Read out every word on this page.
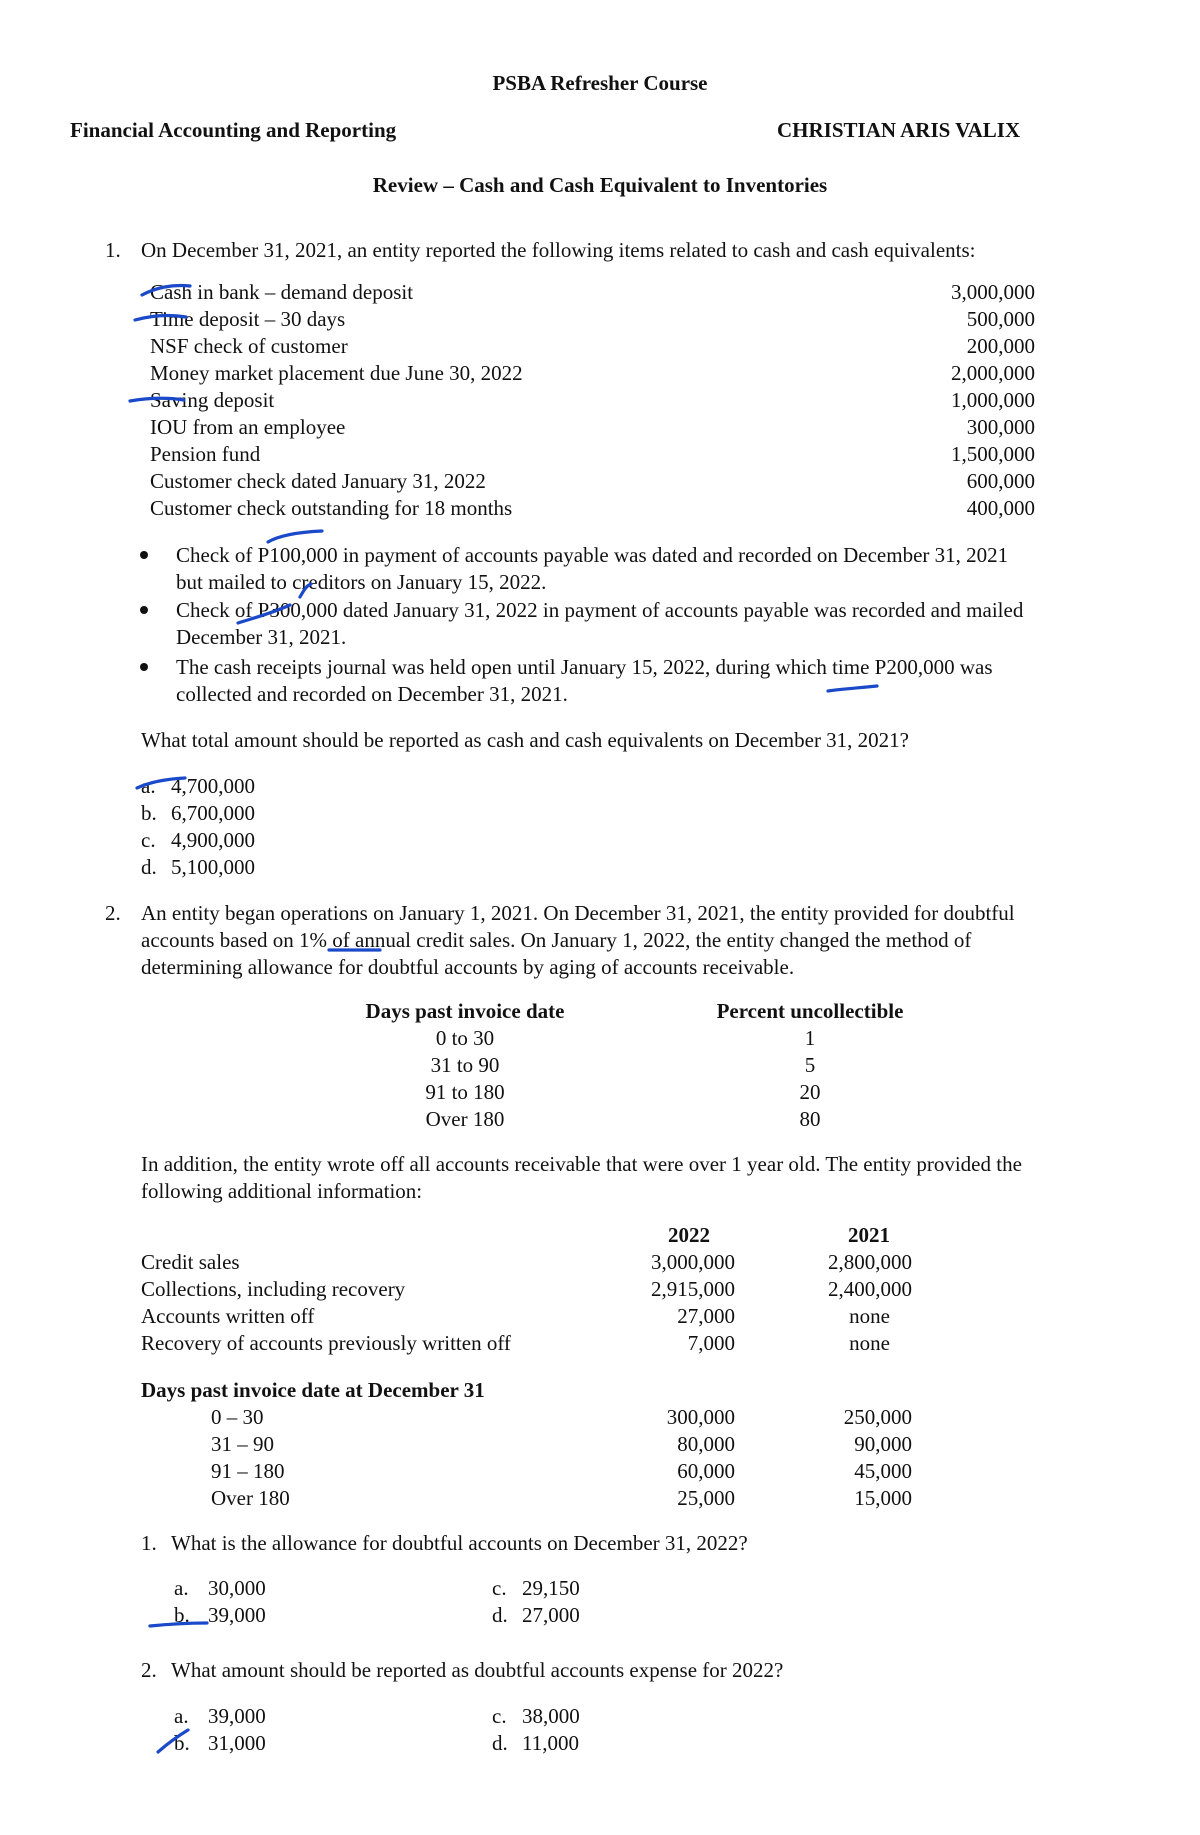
PSBA Refresher Course
Financial Accounting and Reporting	CHRISTIAN ARIS VALIX
Review – Cash and Cash Equivalent to Inventories
1. On December 31, 2021, an entity reported the following items related to cash and cash equivalents:
Cash in bank – demand deposit	3,000,000
Time deposit – 30 days	500,000
NSF check of customer	200,000
Money market placement due June 30, 2022	2,000,000
Saving deposit	1,000,000
IOU from an employee	300,000
Pension fund	1,500,000
Customer check dated January 31, 2022	600,000
Customer check outstanding for 18 months	400,000
Check of P100,000 in payment of accounts payable was dated and recorded on December 31, 2021
but mailed to creditors on January 15, 2022.
Check of P300,000 dated January 31, 2022 in payment of accounts payable was recorded and mailed
December 31, 2021.
The cash receipts journal was held open until January 15, 2022, during which time P200,000 was
collected and recorded on December 31, 2021.
What total amount should be reported as cash and cash equivalents on December 31, 2021?
a. 4,700,000
b. 6,700,000
c. 4,900,000
d. 5,100,000
2. An entity began operations on January 1, 2021. On December 31, 2021, the entity provided for doubtful
accounts based on 1% of annual credit sales. On January 1, 2022, the entity changed the method of
determining allowance for doubtful accounts by aging of accounts receivable.
Days past invoice date	Percent uncollectible
0 to 30	1
31 to 90	5
91 to 180	20
Over 180	80
In addition, the entity wrote off all accounts receivable that were over 1 year old. The entity provided the
following additional information:
2022	2021
Credit sales	3,000,000	2,800,000
Collections, including recovery	2,915,000	2,400,000
Accounts written off	27,000	none
Recovery of accounts previously written off	7,000	none
Days past invoice date at December 31
0 – 30	300,000	250,000
31 – 90	80,000	90,000
91 – 180	60,000	45,000
Over 180	25,000	15,000
1. What is the allowance for doubtful accounts on December 31, 2022?
a. 30,000	c. 29,150
b. 39,000	d. 27,000
2. What amount should be reported as doubtful accounts expense for 2022?
a. 39,000	c. 38,000
b. 31,000	d. 11,000
